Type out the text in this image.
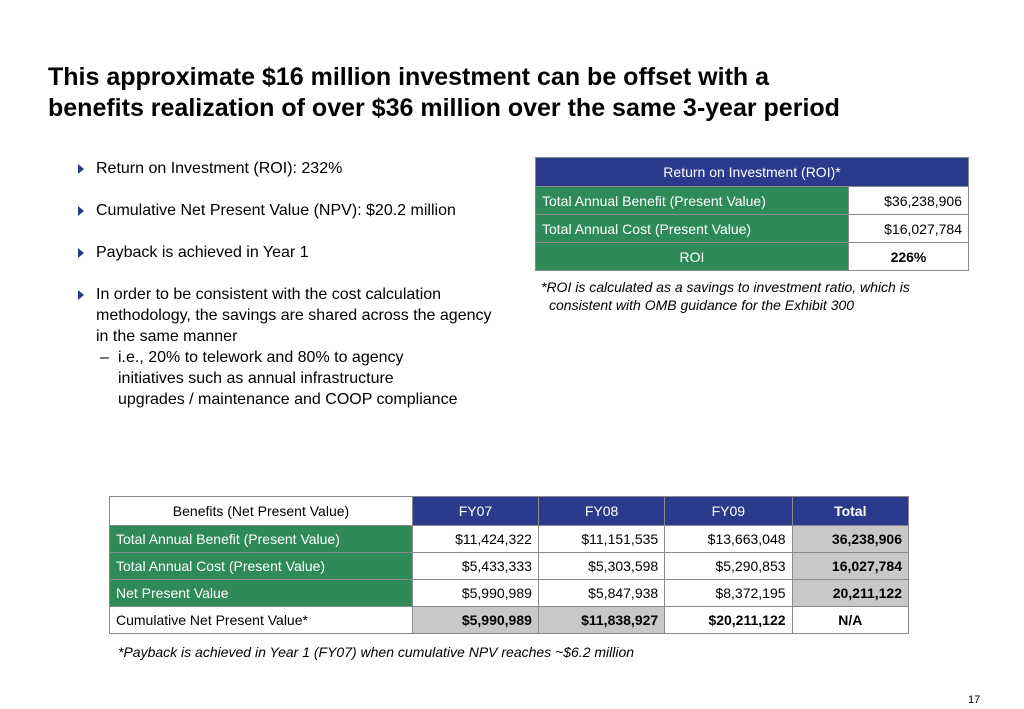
This approximate $16 million investment can be offset with a
benefits realization of over $36 million over the same 3-year period
Return on Investment (ROI): 232%
Cumulative Net Present Value (NPV): $20.2 million
Payback is achieved in Year 1
In order to be consistent with the cost calculation methodology, the savings are shared across the agency in the same manner
– i.e., 20% to telework and 80% to agency initiatives such as annual infrastructure upgrades / maintenance and COOP compliance
Return on Investment (ROI)*	
Total Annual Benefit (Present Value)	$36,238,906
Total Annual Cost (Present Value)	$16,027,784
ROI	226%
*ROI is calculated as a savings to investment ratio, which is
consistent with OMB guidance for the Exhibit 300
Benefits (Net Present Value)	FY07	FY08	FY09	Total
Total Annual Benefit (Present Value)	$11,424,322	$11,151,535	$13,663,048	36,238,906
Total Annual Cost (Present Value)	$5,433,333	$5,303,598	$5,290,853	16,027,784
Net Present Value	$5,990,989	$5,847,938	$8,372,195	20,211,122
Cumulative Net Present Value*	$5,990,989	$11,838,927	$20,211,122	N/A
*Payback is achieved in Year 1 (FY07) when cumulative NPV reaches ~$6.2 million
17
